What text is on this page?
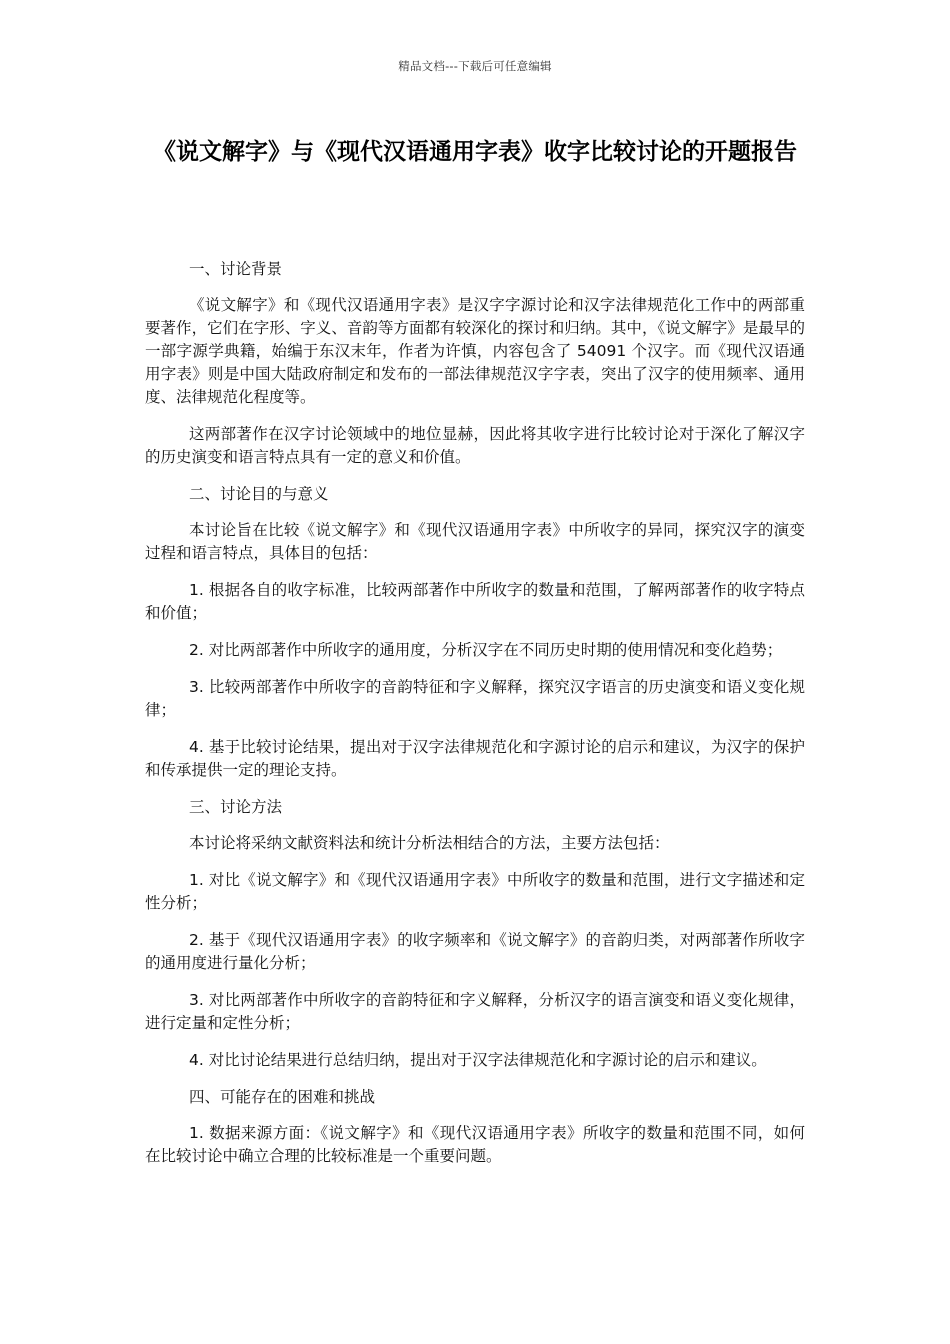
精品文档---下载后可任意编辑
《说文解字》与《现代汉语通用字表》收字比较讨论的开题报告
一、讨论背景
《说文解字》和《现代汉语通用字表》是汉字字源讨论和汉字法律规范化工作中的两部重要著作，它们在字形、字义、音韵等方面都有较深化的探讨和归纳。其中，《说文解字》是最早的一部字源学典籍，始编于东汉末年，作者为许慎，内容包含了 54091 个汉字。而《现代汉语通用字表》则是中国大陆政府制定和发布的一部法律规范汉字字表，突出了汉字的使用频率、通用度、法律规范化程度等。
这两部著作在汉字讨论领域中的地位显赫，因此将其收字进行比较讨论对于深化了解汉字的历史演变和语言特点具有一定的意义和价值。
二、讨论目的与意义
本讨论旨在比较《说文解字》和《现代汉语通用字表》中所收字的异同，探究汉字的演变过程和语言特点，具体目的包括：
1. 根据各自的收字标准，比较两部著作中所收字的数量和范围，了解两部著作的收字特点和价值；
2. 对比两部著作中所收字的通用度，分析汉字在不同历史时期的使用情况和变化趋势；
3. 比较两部著作中所收字的音韵特征和字义解释，探究汉字语言的历史演变和语义变化规律；
4. 基于比较讨论结果，提出对于汉字法律规范化和字源讨论的启示和建议，为汉字的保护和传承提供一定的理论支持。
三、讨论方法
本讨论将采纳文献资料法和统计分析法相结合的方法，主要方法包括：
1. 对比《说文解字》和《现代汉语通用字表》中所收字的数量和范围，进行文字描述和定性分析；
2. 基于《现代汉语通用字表》的收字频率和《说文解字》的音韵归类，对两部著作所收字的通用度进行量化分析；
3. 对比两部著作中所收字的音韵特征和字义解释，分析汉字的语言演变和语义变化规律，进行定量和定性分析；
4. 对比讨论结果进行总结归纳，提出对于汉字法律规范化和字源讨论的启示和建议。
四、可能存在的困难和挑战
1. 数据来源方面：《说文解字》和《现代汉语通用字表》所收字的数量和范围不同，如何在比较讨论中确立合理的比较标准是一个重要问题。
